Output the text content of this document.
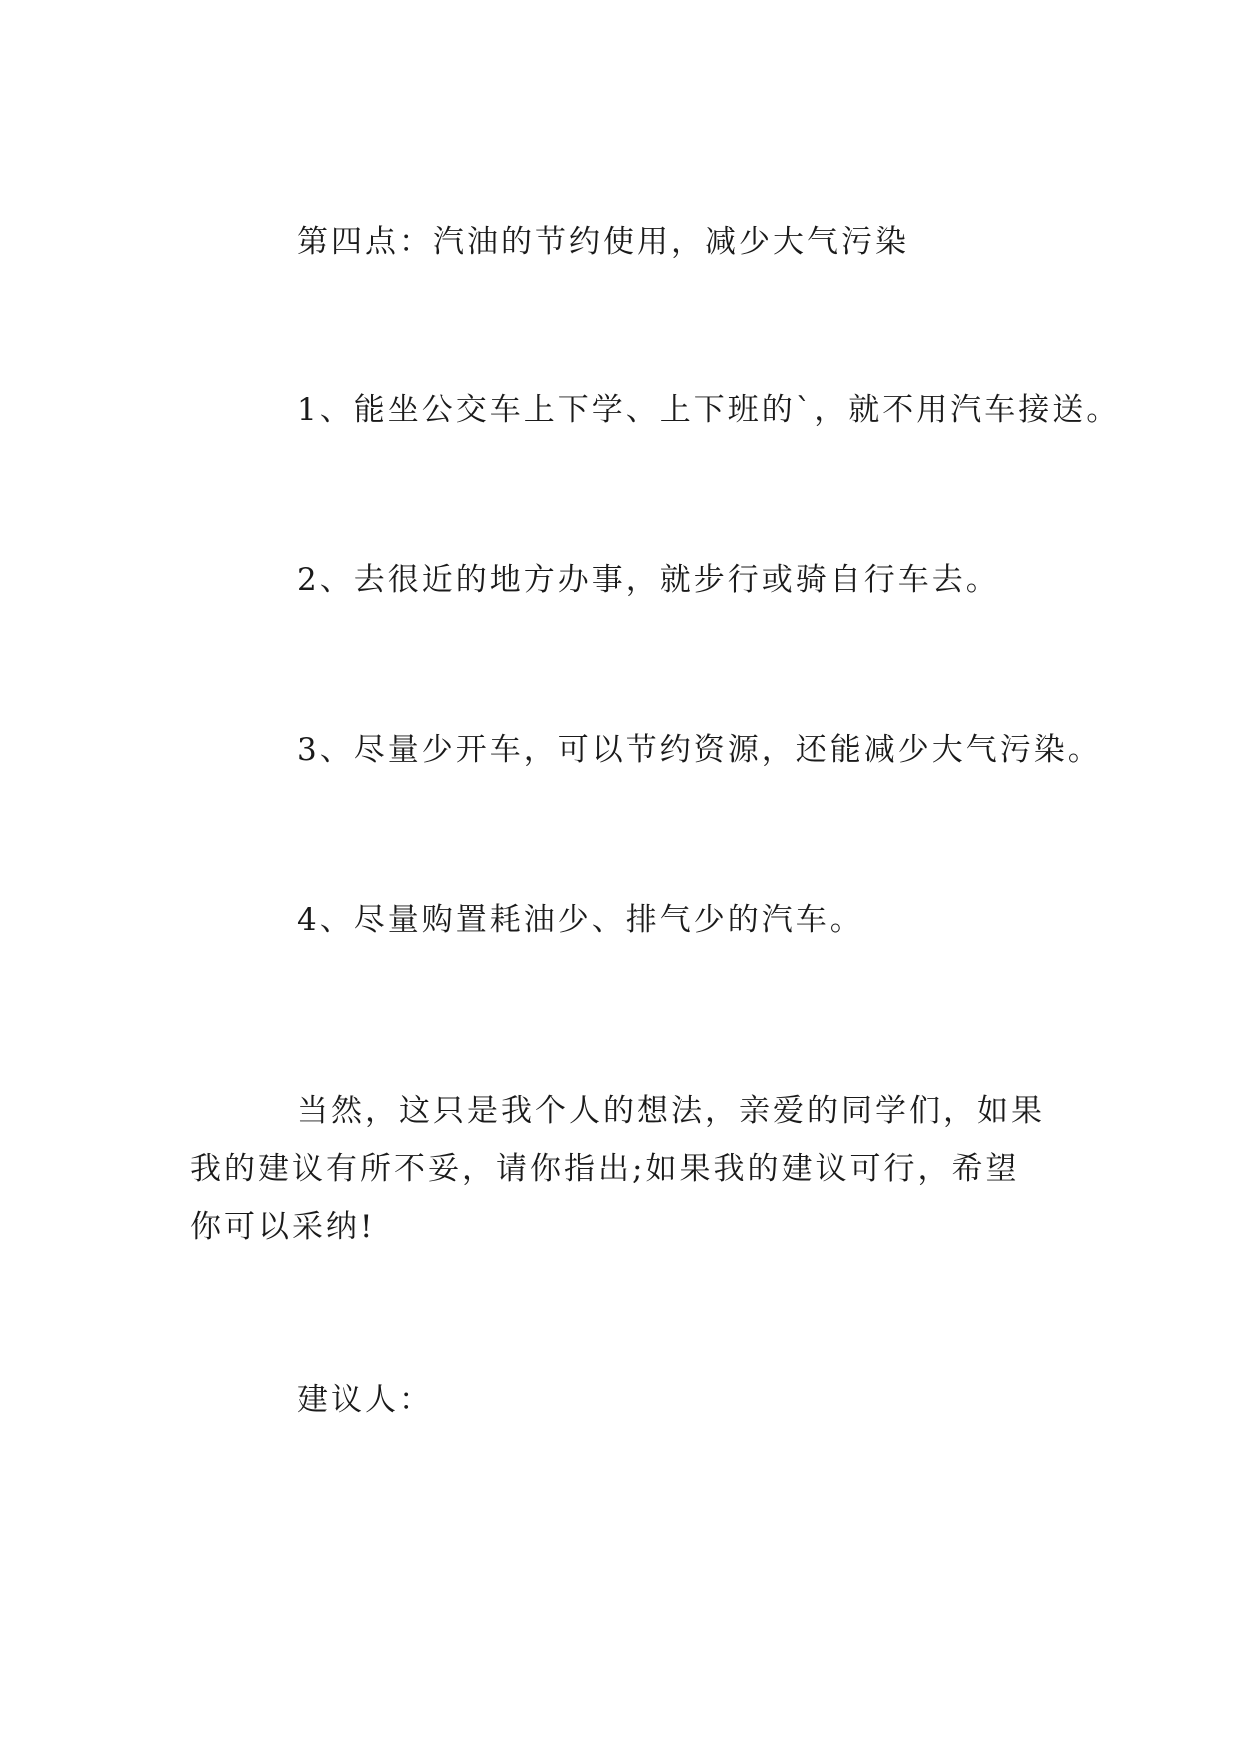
第四点：汽油的节约使用，减少大气污染

1、能坐公交车上下学、上下班的`，就不用汽车接送。

2、去很近的地方办事，就步行或骑自行车去。

3、尽量少开车，可以节约资源，还能减少大气污染。

4、尽量购置耗油少、排气少的汽车。

当然，这只是我个人的想法，亲爱的同学们，如果我的建议有所不妥，请你指出;如果我的建议可行，希望你可以采纳!

建议人：
